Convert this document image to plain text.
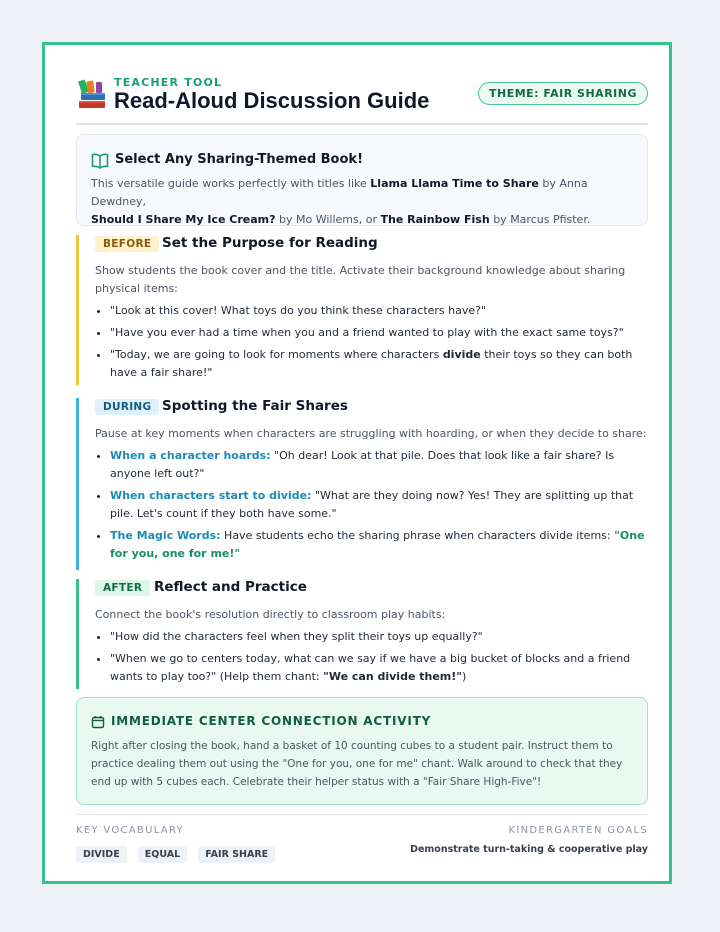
TEACHER TOOL
Read-Aloud Discussion Guide	THEME: FAIR SHARING
Select Any Sharing-Themed Book!
This versatile guide works perfectly with titles like Llama Llama Time to Share by Anna Dewdney,
Should I Share My Ice Cream? by Mo Willems, or The Rainbow Fish by Marcus Pfister.
BEFORE Set the Purpose for Reading
Show students the book cover and the title. Activate their background knowledge about sharing physical items:
• "Look at this cover! What toys do you think these characters have?"
• "Have you ever had a time when you and a friend wanted to play with the exact same toys?"
• "Today, we are going to look for moments where characters divide their toys so they can both have a fair share!"
DURING Spotting the Fair Shares
Pause at key moments when characters are struggling with hoarding, or when they decide to share:
• When a character hoards: "Oh dear! Look at that pile. Does that look like a fair share? Is anyone left out?"
• When characters start to divide: "What are they doing now? Yes! They are splitting up that pile. Let's count if they both have some."
• The Magic Words: Have students echo the sharing phrase when characters divide items: "One for you, one for me!"
AFTER Reflect and Practice
Connect the book's resolution directly to classroom play habits:
• "How did the characters feel when they split their toys up equally?"
• "When we go to centers today, what can we say if we have a big bucket of blocks and a friend wants to play too?" (Help them chant: "We can divide them!")
IMMEDIATE CENTER CONNECTION ACTIVITY
Right after closing the book, hand a basket of 10 counting cubes to a student pair. Instruct them to practice dealing them out using the "One for you, one for me" chant. Walk around to check that they end up with 5 cubes each. Celebrate their helper status with a "Fair Share High-Five"!
KEY VOCABULARY
DIVIDE	EQUAL	FAIR SHARE
KINDERGARTEN GOALS
Demonstrate turn-taking & cooperative play
